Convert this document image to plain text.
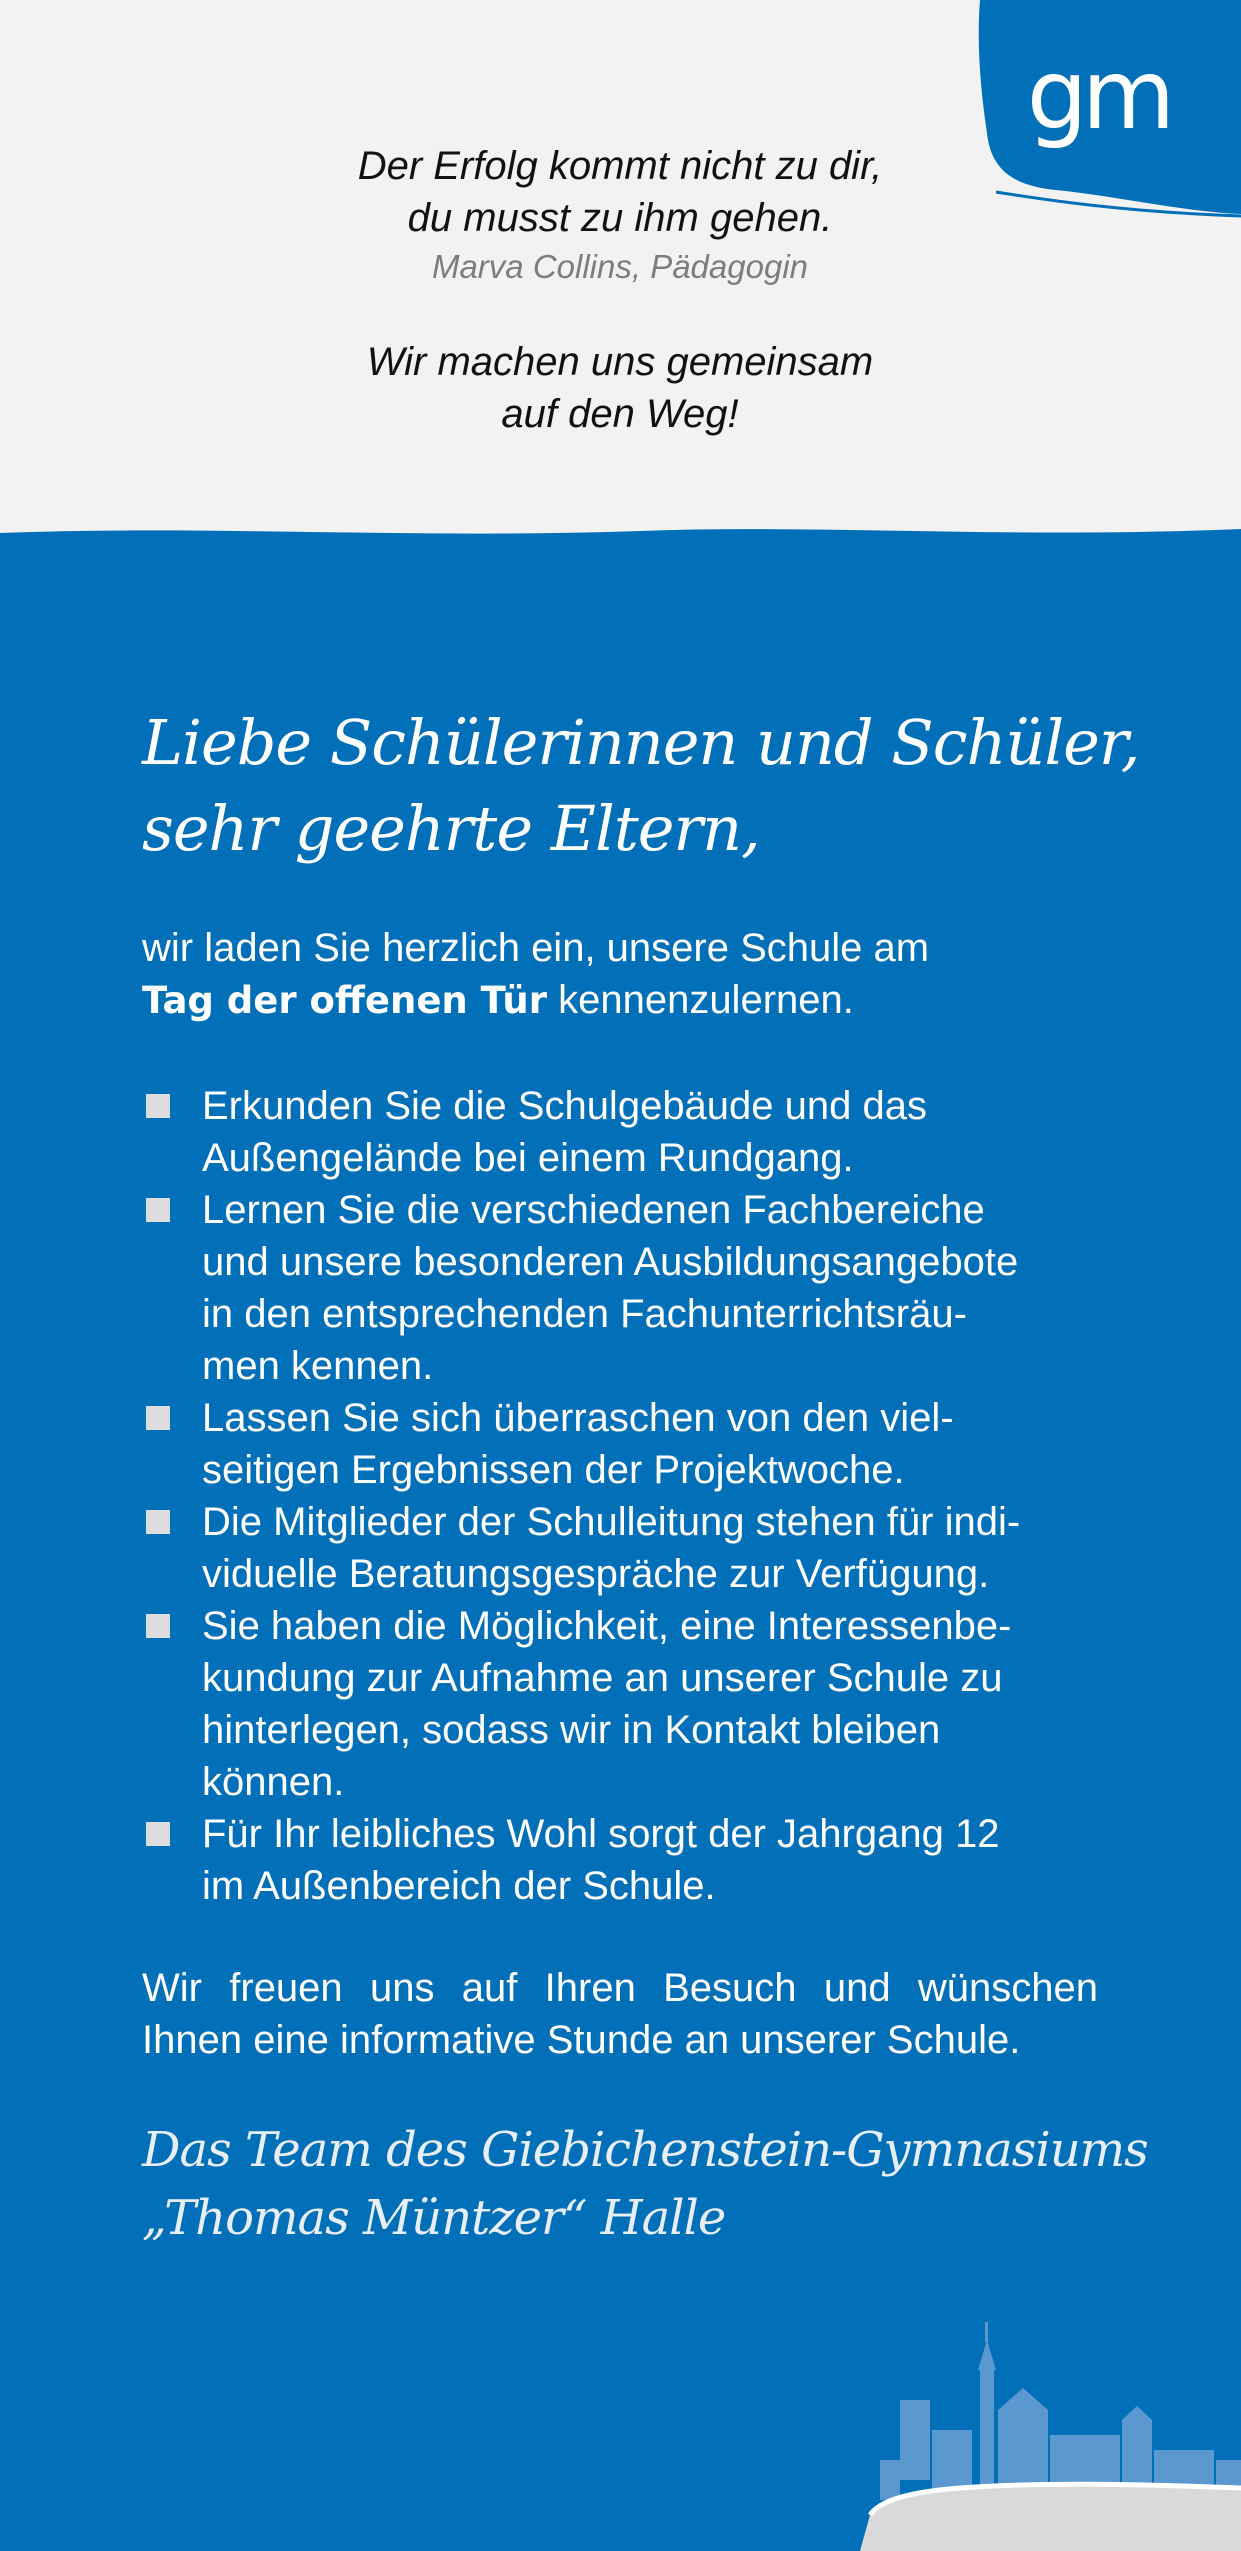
gm
Der Erfolg kommt nicht zu dir,
du musst zu ihm gehen.
Marva Collins, Pädagogin
Wir machen uns gemeinsam
auf den Weg!
Liebe Schülerinnen und Schüler,
sehr geehrte Eltern,
wir laden Sie herzlich ein, unsere Schule am
Tag der offenen Tür kennenzulernen.
Erkunden Sie die Schulgebäude und das
Außengelände bei einem Rundgang.
Lernen Sie die verschiedenen Fachbereiche
und unsere besonderen Ausbildungsangebote
in den entsprechenden Fachunterrichtsräu-
men kennen.
Lassen Sie sich überraschen von den viel-
seitigen Ergebnissen der Projektwoche.
Die Mitglieder der Schulleitung stehen für indi-
viduelle Beratungsgespräche zur Verfügung.
Sie haben die Möglichkeit, eine Interessenbe-
kundung zur Aufnahme an unserer Schule zu
hinterlegen, sodass wir in Kontakt bleiben
können.
Für Ihr leibliches Wohl sorgt der Jahrgang 12
im Außenbereich der Schule.
Wir freuen uns auf Ihren Besuch und wünschen
Ihnen eine informative Stunde an unserer Schule.
Das Team des Giebichenstein-Gymnasiums
„Thomas Müntzer“ Halle
